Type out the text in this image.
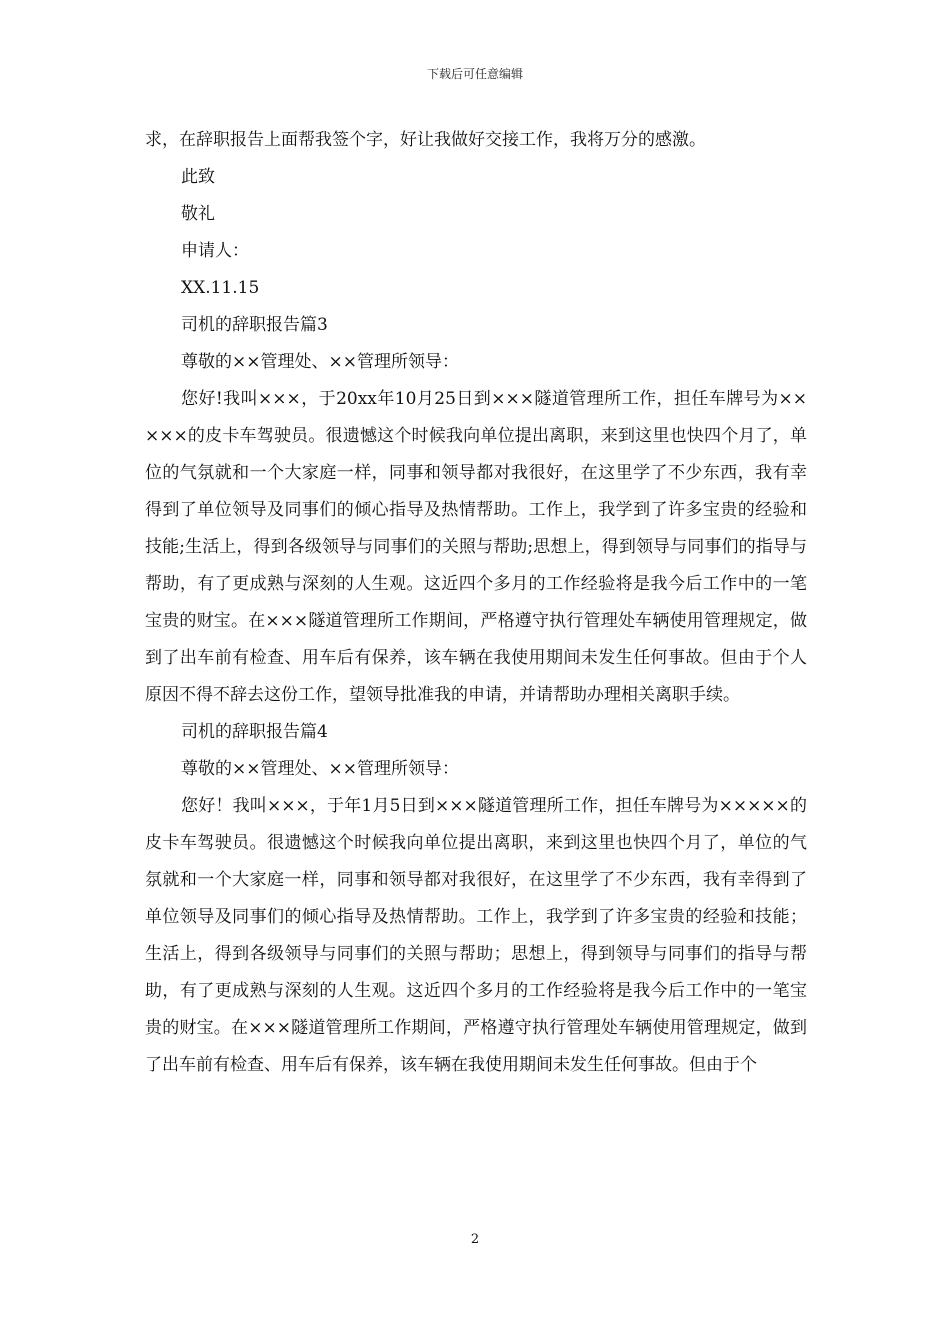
下载后可任意编辑

求，在辞职报告上面帮我签个字，好让我做好交接工作，我将万分的感激。

此致

敬礼

申请人：

XX.11.15

司机的辞职报告篇3

尊敬的××管理处、××管理所领导：

您好!我叫×××，于20xx年10月25日到×××隧道管理所工作，担任车牌号为×××××的皮卡车驾驶员。很遗憾这个时候我向单位提出离职，来到这里也快四个月了，单位的气氛就和一个大家庭一样，同事和领导都对我很好，在这里学了不少东西，我有幸得到了单位领导及同事们的倾心指导及热情帮助。工作上，我学到了许多宝贵的经验和技能;生活上，得到各级领导与同事们的关照与帮助;思想上，得到领导与同事们的指导与帮助，有了更成熟与深刻的人生观。这近四个多月的工作经验将是我今后工作中的一笔宝贵的财宝。在×××隧道管理所工作期间，严格遵守执行管理处车辆使用管理规定，做到了出车前有检查、用车后有保养，该车辆在我使用期间未发生任何事故。但由于个人原因不得不辞去这份工作，望领导批准我的申请，并请帮助办理相关离职手续。

司机的辞职报告篇4

尊敬的××管理处、××管理所领导：

您好！我叫×××，于年1月5日到×××隧道管理所工作，担任车牌号为×××××的皮卡车驾驶员。很遗憾这个时候我向单位提出离职，来到这里也快四个月了，单位的气氛就和一个大家庭一样，同事和领导都对我很好，在这里学了不少东西，我有幸得到了单位领导及同事们的倾心指导及热情帮助。工作上，我学到了许多宝贵的经验和技能；生活上，得到各级领导与同事们的关照与帮助；思想上，得到领导与同事们的指导与帮助，有了更成熟与深刻的人生观。这近四个多月的工作经验将是我今后工作中的一笔宝贵的财宝。在×××隧道管理所工作期间，严格遵守执行管理处车辆使用管理规定，做到了出车前有检查、用车后有保养，该车辆在我使用期间未发生任何事故。但由于个

2
